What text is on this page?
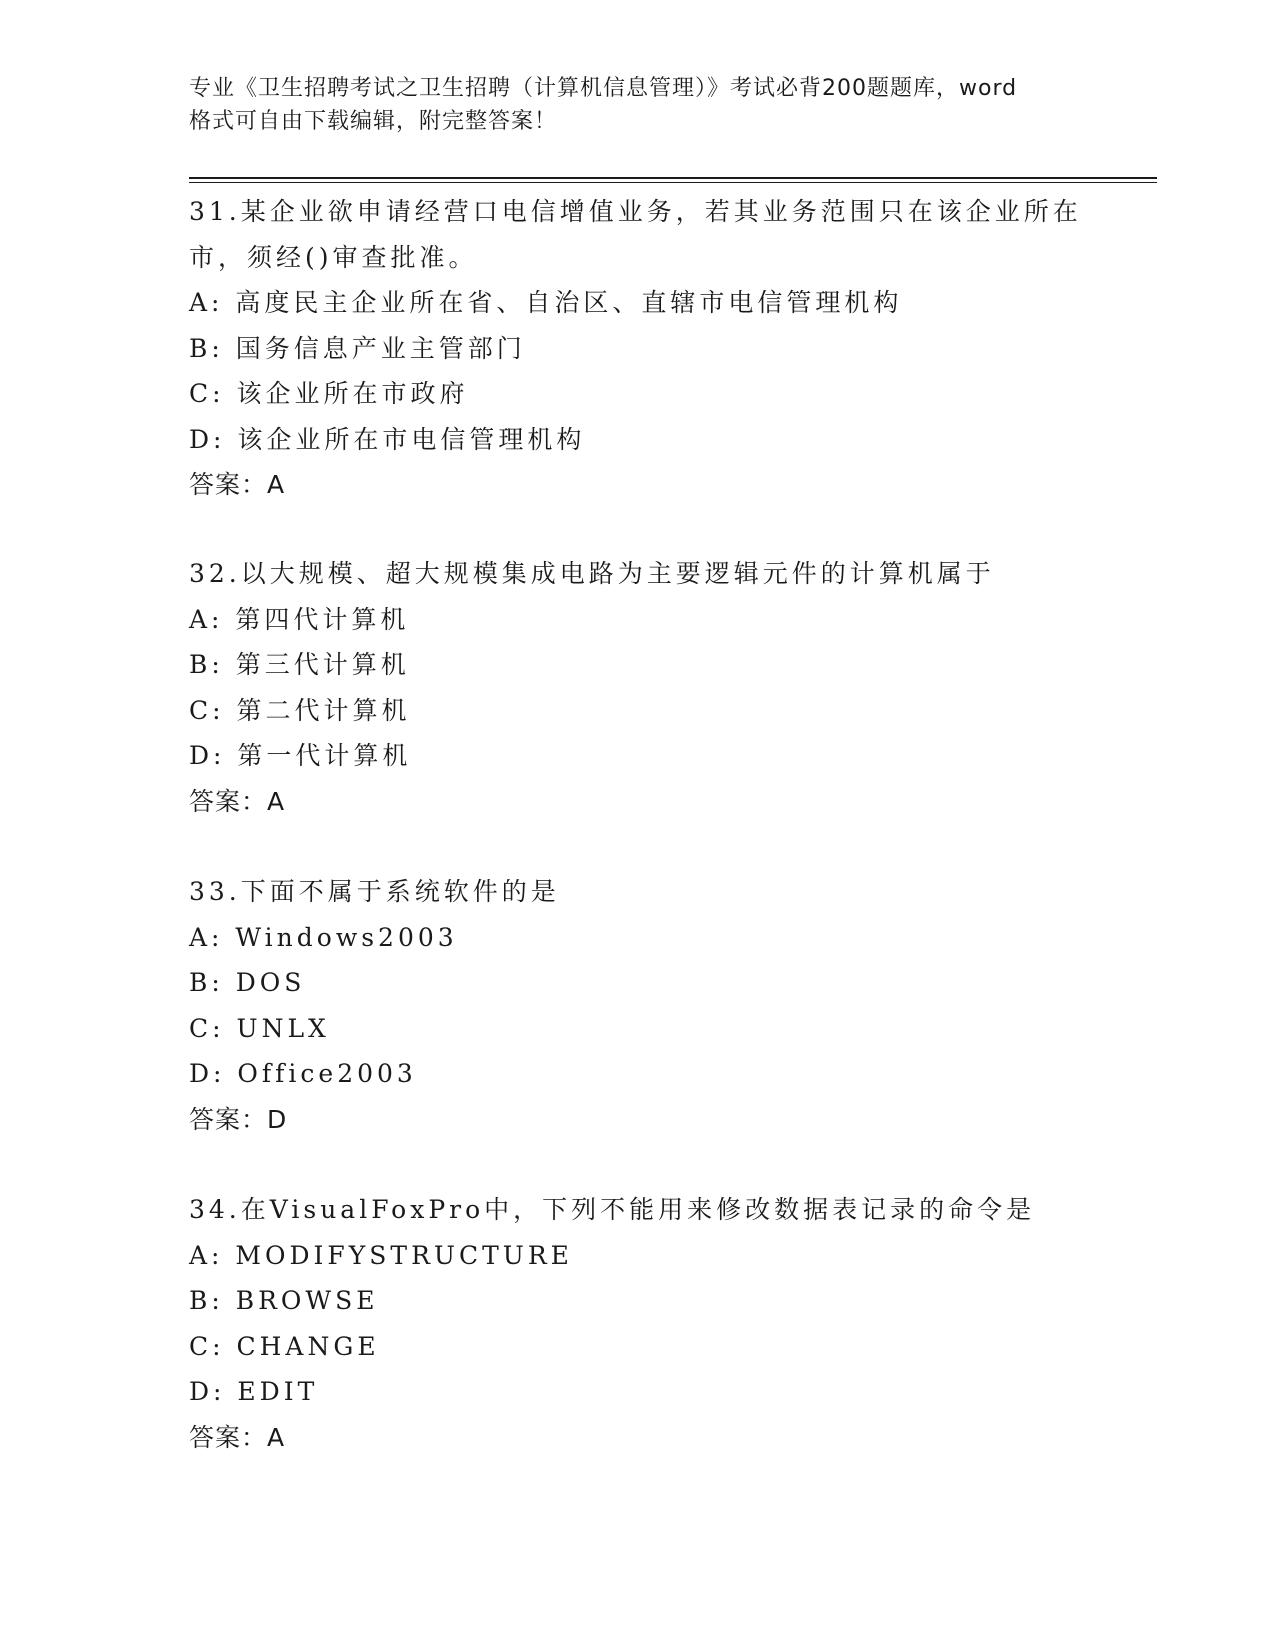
专业《卫生招聘考试之卫生招聘（计算机信息管理）》考试必背200题题库，word
格式可自由下载编辑，附完整答案！
31.某企业欲申请经营口电信增值业务，若其业务范围只在该企业所在
市，须经()审查批准。
A: 高度民主企业所在省、自治区、直辖市电信管理机构
B: 国务信息产业主管部门
C: 该企业所在市政府
D: 该企业所在市电信管理机构
答案：A
32.以大规模、超大规模集成电路为主要逻辑元件的计算机属于
A: 第四代计算机
B: 第三代计算机
C: 第二代计算机
D: 第一代计算机
答案：A
33.下面不属于系统软件的是
A: Windows2003
B: DOS
C: UNLX
D: Office2003
答案：D
34.在VisualFoxPro中，下列不能用来修改数据表记录的命令是
A: MODIFYSTRUCTURE
B: BROWSE
C: CHANGE
D: EDIT
答案：A
